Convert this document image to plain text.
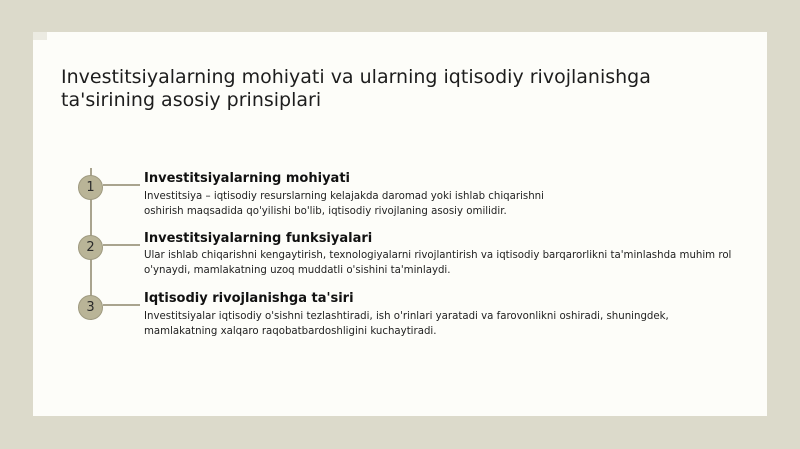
Investitsiyalarning mohiyati va ularning iqtisodiy rivojlanishga ta'sirining asosiy prinsiplari
1
Investitsiyalarning mohiyati
Investitsiya – iqtisodiy resurslarning kelajakda daromad yoki ishlab chiqarishni oshirish maqsadida qo'yilishi bo'lib, iqtisodiy rivojlaning asosiy omilidir.
2
Investitsiyalarning funksiyalari
Ular ishlab chiqarishni kengaytirish, texnologiyalarni rivojlantirish va iqtisodiy barqarorlikni ta'minlashda muhim rol o'ynaydi, mamlakatning uzoq muddatli o'sishini ta'minlaydi.
3
Iqtisodiy rivojlanishga ta'siri
Investitsiyalar iqtisodiy o'sishni tezlashtiradi, ish o'rinlari yaratadi va farovonlikni oshiradi, shuningdek, mamlakatning xalqaro raqobatbardoshligini kuchaytiradi.
